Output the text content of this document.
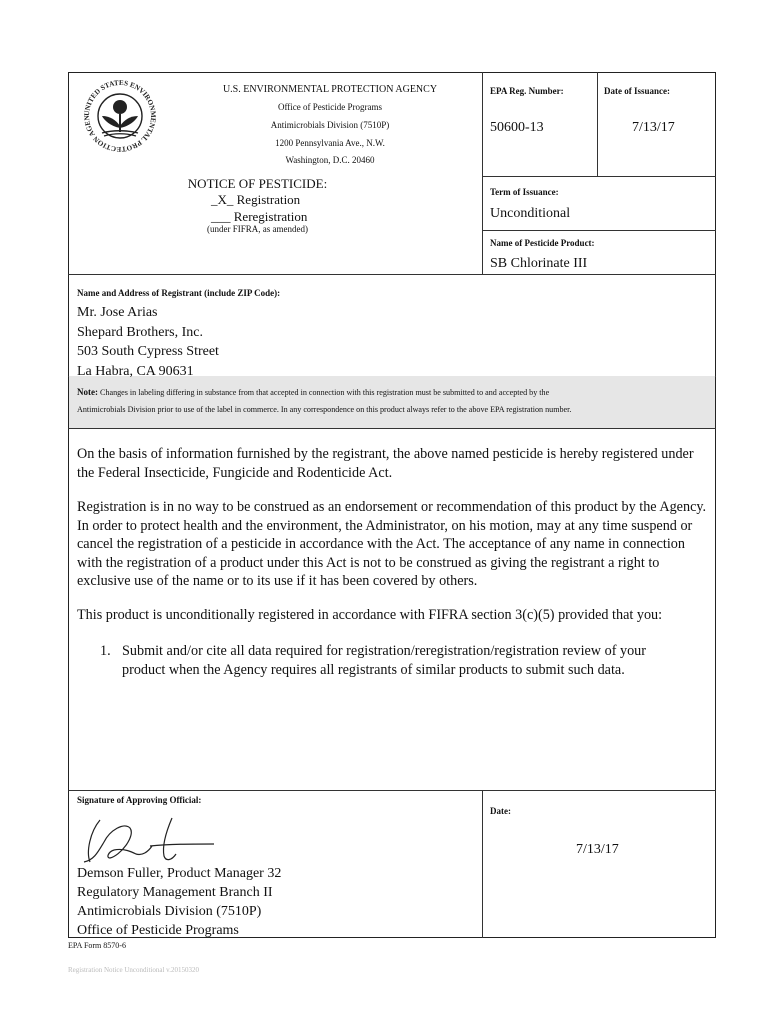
UNITED STATES ENVIRONMENTAL PROTECTION AGEN
U.S. ENVIRONMENTAL PROTECTION AGENCY
Office of Pesticide Programs
Antimicrobials Division (7510P)
1200 Pennsylvania Ave., N.W.
Washington, D.C. 20460
NOTICE OF PESTICIDE:
_X_ Registration
___ Reregistration
(under FIFRA, as amended)
EPA Reg. Number:
50600-13
Date of Issuance:
7/13/17
Term of Issuance:
Unconditional
Name of Pesticide Product:
SB Chlorinate III
Name and Address of Registrant (include ZIP Code):
Mr. Jose Arias
Shepard Brothers, Inc.
503 South Cypress Street
La Habra, CA 90631
Note: Changes in labeling differing in substance from that accepted in connection with this registration must be submitted to and accepted by the
Antimicrobials Division prior to use of the label in commerce. In any correspondence on this product always refer to the above EPA registration number.
On the basis of information furnished by the registrant, the above named pesticide is hereby registered under the Federal Insecticide, Fungicide and Rodenticide Act.
Registration is in no way to be construed as an endorsement or recommendation of this product by the Agency. In order to protect health and the environment, the Administrator, on his motion, may at any time suspend or cancel the registration of a pesticide in accordance with the Act. The acceptance of any name in connection with the registration of a product under this Act is not to be construed as giving the registrant a right to exclusive use of the name or to its use if it has been covered by others.
This product is unconditionally registered in accordance with FIFRA section 3(c)(5) provided that you:
1. Submit and/or cite all data required for registration/reregistration/registration review of your product when the Agency requires all registrants of similar products to submit such data.
Signature of Approving Official:
Demson Fuller, Product Manager 32
Regulatory Management Branch II
Antimicrobials Division (7510P)
Office of Pesticide Programs
Date:
7/13/17
EPA Form 8570-6
Registration Notice Unconditional v.20150320
